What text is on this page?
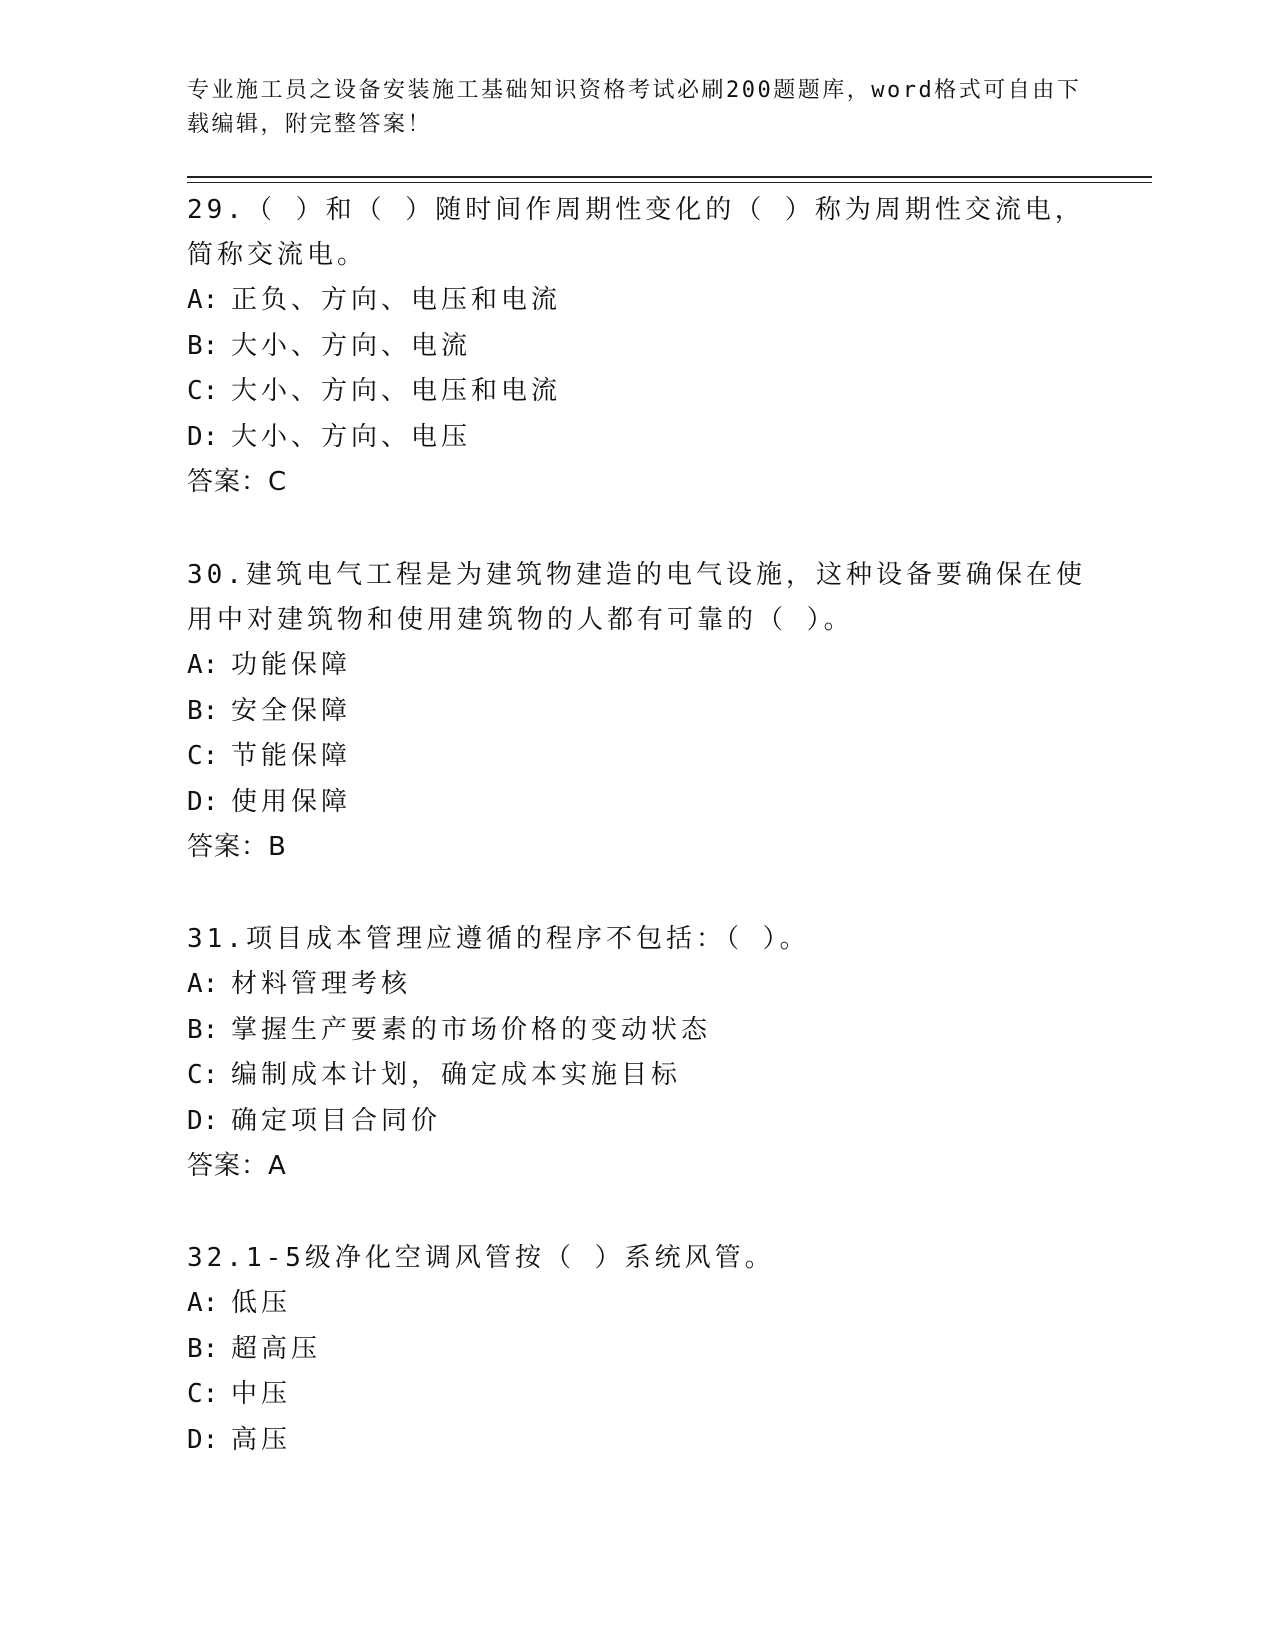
专业施工员之设备安装施工基础知识资格考试必刷200题题库，word格式可自由下载编辑，附完整答案！
29.（ ）和（ ）随时间作周期性变化的（ ）称为周期性交流电，简称交流电。
A: 正负、方向、电压和电流
B: 大小、方向、电流
C: 大小、方向、电压和电流
D: 大小、方向、电压
答案：C
30.建筑电气工程是为建筑物建造的电气设施，这种设备要确保在使用中对建筑物和使用建筑物的人都有可靠的（ ）。
A: 功能保障
B: 安全保障
C: 节能保障
D: 使用保障
答案：B
31.项目成本管理应遵循的程序不包括：（ ）。
A: 材料管理考核
B: 掌握生产要素的市场价格的变动状态
C: 编制成本计划，确定成本实施目标
D: 确定项目合同价
答案：A
32.1-5级净化空调风管按（ ）系统风管。
A: 低压
B: 超高压
C: 中压
D: 高压
